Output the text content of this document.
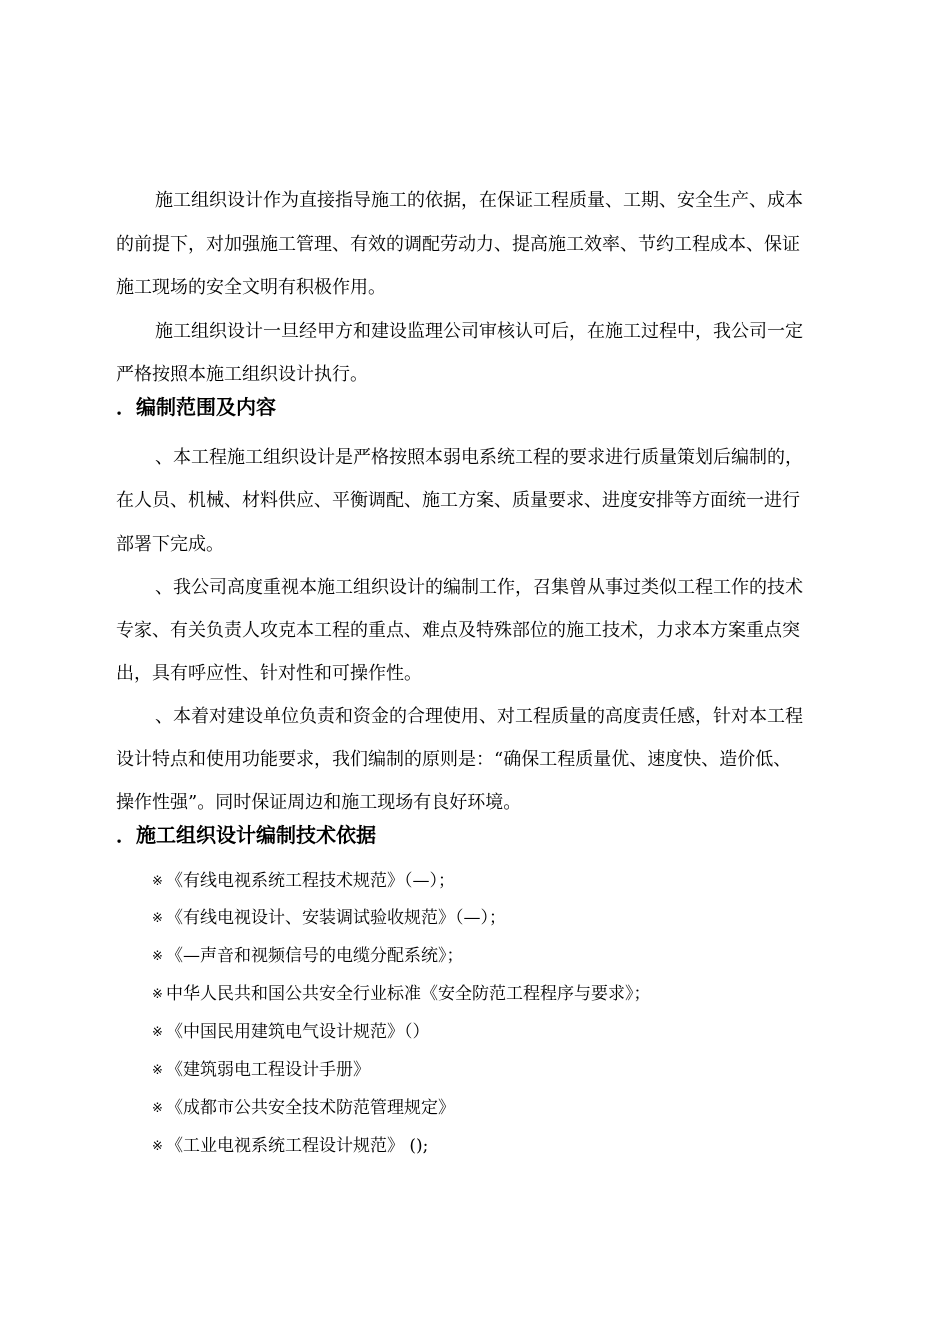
施工组织设计作为直接指导施工的依据，在保证工程质量、工期、安全生产、成本
的前提下，对加强施工管理、有效的调配劳动力、提高施工效率、节约工程成本、保证
施工现场的安全文明有积极作用。
施工组织设计一旦经甲方和建设监理公司审核认可后，在施工过程中，我公司一定
严格按照本施工组织设计执行。
．编制范围及内容
、本工程施工组织设计是严格按照本弱电系统工程的要求进行质量策划后编制的，
在人员、机械、材料供应、平衡调配、施工方案、质量要求、进度安排等方面统一进行
部署下完成。
、我公司高度重视本施工组织设计的编制工作，召集曾从事过类似工程工作的技术
专家、有关负责人攻克本工程的重点、难点及特殊部位的施工技术，力求本方案重点突
出，具有呼应性、针对性和可操作性。
、本着对建设单位负责和资金的合理使用、对工程质量的高度责任感，针对本工程
设计特点和使用功能要求，我们编制的原则是：“确保工程质量优、速度快、造价低、
操作性强”。同时保证周边和施工现场有良好环境。
．施工组织设计编制技术依据
※ 《有线电视系统工程技术规范》（—）；
※ 《有线电视设计、安装调试验收规范》（—）；
※ 《—声音和视频信号的电缆分配系统》；
※ 中华人民共和国公共安全行业标准《安全防范工程程序与要求》；
※ 《中国民用建筑电气设计规范》（）
※ 《建筑弱电工程设计手册》
※ 《成都市公共安全技术防范管理规定》
※ 《工业电视系统工程设计规范》 ();
